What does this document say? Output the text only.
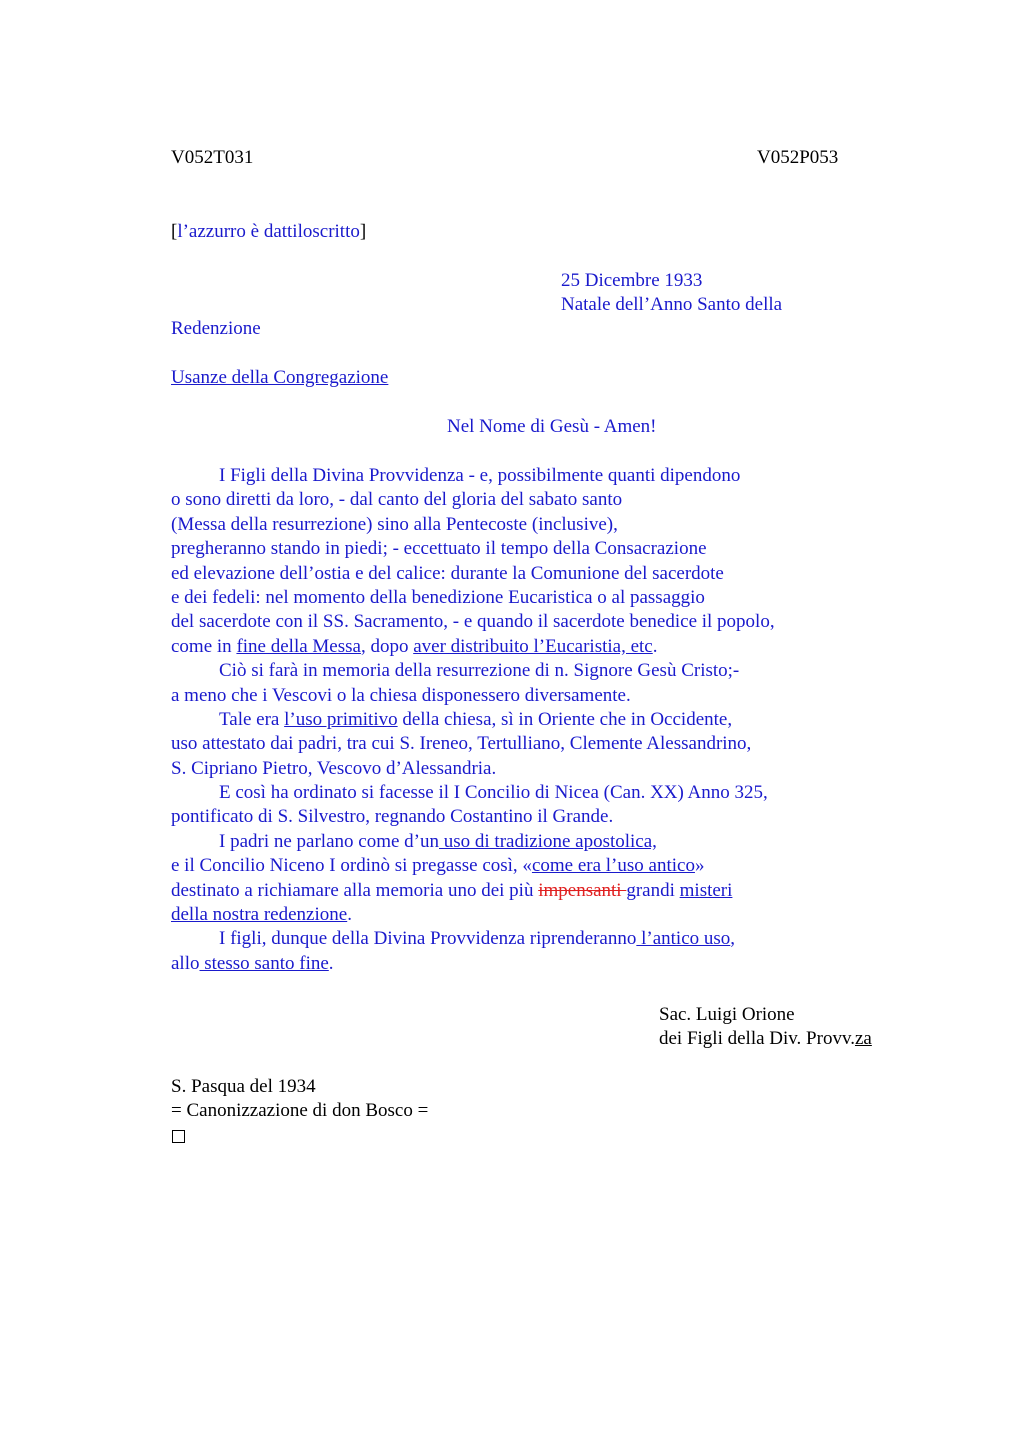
V052T031	V052P053
[l’azzurro è dattiloscritto]
25 Dicembre 1933
Natale dell’Anno Santo della
Redenzione
Usanze della Congregazione
Nel Nome di Gesù - Amen!
I Figli della Divina Provvidenza - e, possibilmente quanti dipendono
o sono diretti da loro, - dal canto del gloria del sabato santo
(Messa della resurrezione) sino alla Pentecoste (inclusive),
pregheranno stando in piedi; - eccettuato il tempo della Consacrazione
ed elevazione dell’ostia e del calice: durante la Comunione del sacerdote
e dei fedeli: nel momento della benedizione Eucaristica o al passaggio
del sacerdote con il SS. Sacramento, - e quando il sacerdote benedice il popolo,
come in fine della Messa, dopo aver distribuito l’Eucaristia, etc.
Ciò si farà in memoria della resurrezione di n. Signore Gesù Cristo;-
a meno che i Vescovi o la chiesa disponessero diversamente.
Tale era l’uso primitivo della chiesa, sì in Oriente che in Occidente,
uso attestato dai padri, tra cui S. Ireneo, Tertulliano, Clemente Alessandrino,
S. Cipriano Pietro, Vescovo d’Alessandria.
E così ha ordinato si facesse il I Concilio di Nicea (Can. XX) Anno 325,
pontificato di S. Silvestro, regnando Costantino il Grande.
I padri ne parlano come d’un uso di tradizione apostolica,
e il Concilio Niceno I ordinò si pregasse così, «come era l’uso antico»
destinato a richiamare alla memoria uno dei più impensanti grandi misteri
della nostra redenzione.
I figli, dunque della Divina Provvidenza riprenderanno l’antico uso,
allo stesso santo fine.
Sac. Luigi Orione
dei Figli della Div. Provv.za
S. Pasqua del 1934
= Canonizzazione di don Bosco =
